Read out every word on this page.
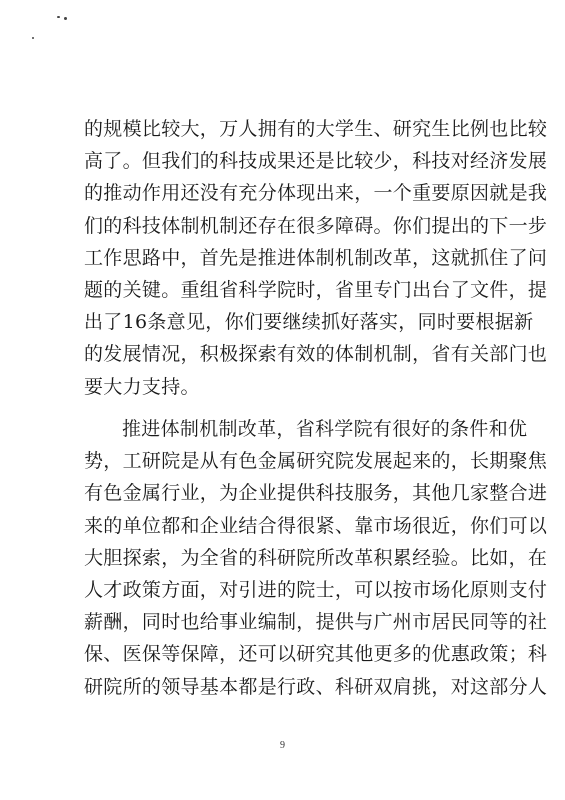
的规模比较大，万人拥有的大学生、研究生比例也比较
高了。但我们的科技成果还是比较少，科技对经济发展
的推动作用还没有充分体现出来，一个重要原因就是我
们的科技体制机制还存在很多障碍。你们提出的下一步
工作思路中，首先是推进体制机制改革，这就抓住了问
题的关键。重组省科学院时，省里专门出台了文件，提
出了16条意见，你们要继续抓好落实，同时要根据新
的发展情况，积极探索有效的体制机制，省有关部门也
要大力支持。
推进体制机制改革，省科学院有很好的条件和优
势，工研院是从有色金属研究院发展起来的，长期聚焦
有色金属行业，为企业提供科技服务，其他几家整合进
来的单位都和企业结合得很紧、靠市场很近，你们可以
大胆探索，为全省的科研院所改革积累经验。比如，在
人才政策方面，对引进的院士，可以按市场化原则支付
薪酬，同时也给事业编制，提供与广州市居民同等的社
保、医保等保障，还可以研究其他更多的优惠政策；科
研院所的领导基本都是行政、科研双肩挑，对这部分人
9
